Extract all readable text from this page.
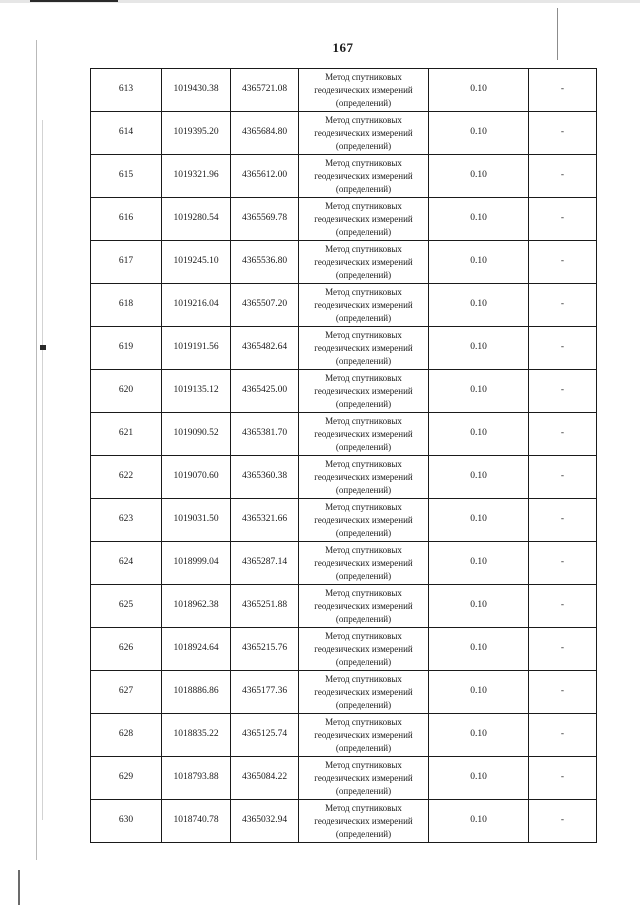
167
613	1019430.38	4365721.08	Метод спутниковых
геодезических измерений
(определений)	0.10	-
614	1019395.20	4365684.80	Метод спутниковых
геодезических измерений
(определений)	0.10	-
615	1019321.96	4365612.00	Метод спутниковых
геодезических измерений
(определений)	0.10	-
616	1019280.54	4365569.78	Метод спутниковых
геодезических измерений
(определений)	0.10	-
617	1019245.10	4365536.80	Метод спутниковых
геодезических измерений
(определений)	0.10	-
618	1019216.04	4365507.20	Метод спутниковых
геодезических измерений
(определений)	0.10	-
619	1019191.56	4365482.64	Метод спутниковых
геодезических измерений
(определений)	0.10	-
620	1019135.12	4365425.00	Метод спутниковых
геодезических измерений
(определений)	0.10	-
621	1019090.52	4365381.70	Метод спутниковых
геодезических измерений
(определений)	0.10	-
622	1019070.60	4365360.38	Метод спутниковых
геодезических измерений
(определений)	0.10	-
623	1019031.50	4365321.66	Метод спутниковых
геодезических измерений
(определений)	0.10	-
624	1018999.04	4365287.14	Метод спутниковых
геодезических измерений
(определений)	0.10	-
625	1018962.38	4365251.88	Метод спутниковых
геодезических измерений
(определений)	0.10	-
626	1018924.64	4365215.76	Метод спутниковых
геодезических измерений
(определений)	0.10	-
627	1018886.86	4365177.36	Метод спутниковых
геодезических измерений
(определений)	0.10	-
628	1018835.22	4365125.74	Метод спутниковых
геодезических измерений
(определений)	0.10	-
629	1018793.88	4365084.22	Метод спутниковых
геодезических измерений
(определений)	0.10	-
630	1018740.78	4365032.94	Метод спутниковых
геодезических измерений
(определений)	0.10	-
